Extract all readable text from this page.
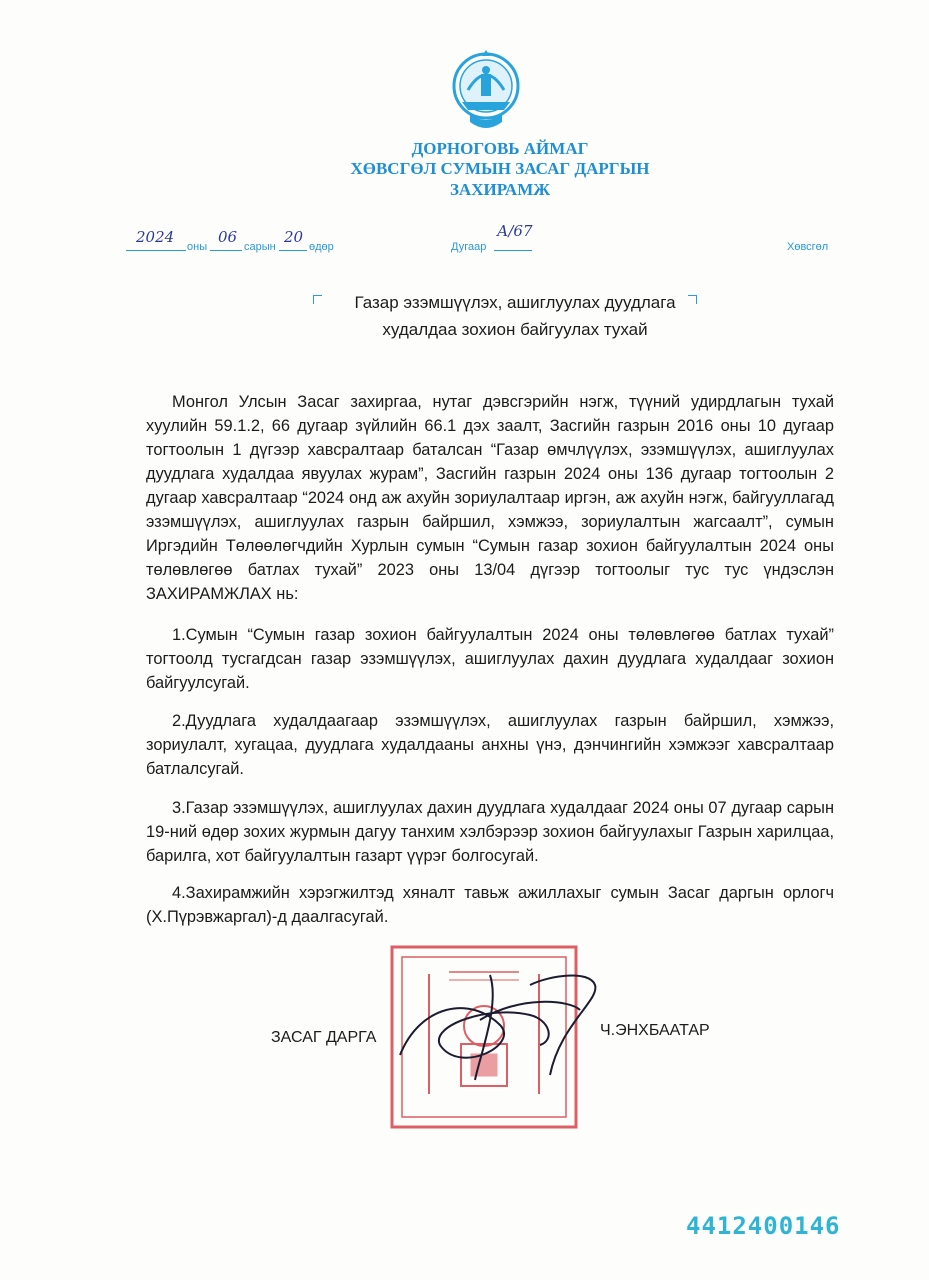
ДОРНОГОВЬ АЙМАГ
ХӨВСГӨЛ СУМЫН ЗАСАГ ДАРГЫН
ЗАХИРАМЖ
2024
оны
06
сарын
20
өдөр	Дугаар
А/67
Хөвсгөл
Газар эзэмшүүлэх, ашиглуулах дуудлага
худалдаа зохион байгуулах тухай
Монгол Улсын Засаг захиргаа, нутаг дэвсгэрийн нэгж, түүний удирдлагын тухай хуулийн 59.1.2, 66 дугаар зүйлийн 66.1 дэх заалт, Засгийн газрын 2016 оны 10 дугаар тогтоолын 1 дүгээр хавсралтаар баталсан “Газар өмчлүүлэх, эзэмшүүлэх, ашиглуулах дуудлага худалдаа явуулах журам”, Засгийн газрын 2024 оны 136 дугаар тогтоолын 2 дугаар хавсралтаар “2024 онд аж ахуйн зориулалтаар иргэн, аж ахуйн нэгж, байгууллагад эзэмшүүлэх, ашиглуулах газрын байршил, хэмжээ, зориулалтын жагсаалт”, сумын Иргэдийн Төлөөлөгчдийн Хурлын сумын “Сумын газар зохион байгуулалтын 2024 оны төлөвлөгөө батлах тухай” 2023 оны 13/04 дүгээр тогтоолыг тус тус үндэслэн ЗАХИРАМЖЛАХ нь:
1.Сумын “Сумын газар зохион байгуулалтын 2024 оны төлөвлөгөө батлах тухай” тогтоолд тусгагдсан газар эзэмшүүлэх, ашиглуулах дахин дуудлага худалдааг зохион байгуулсугай.
2.Дуудлага худалдаагаар эзэмшүүлэх, ашиглуулах газрын байршил, хэмжээ, зориулалт, хугацаа, дуудлага худалдааны анхны үнэ, дэнчингийн хэмжээг хавсралтаар батлалсугай.
3.Газар эзэмшүүлэх, ашиглуулах дахин дуудлага худалдааг 2024 оны 07 дугаар сарын 19-ний өдөр зохих журмын дагуу танхим хэлбэрээр зохион байгуулахыг Газрын харилцаа, барилга, хот байгуулалтын газарт үүрэг болгосугай.
4.Захирамжийн хэрэгжилтэд хяналт тавьж ажиллахыг сумын Засаг даргын орлогч (Х.Пүрэвжаргал)-д даалгасугай.
ЗАСАГ ДАРГА	Ч.ЭНХБААТАР
4412400146
